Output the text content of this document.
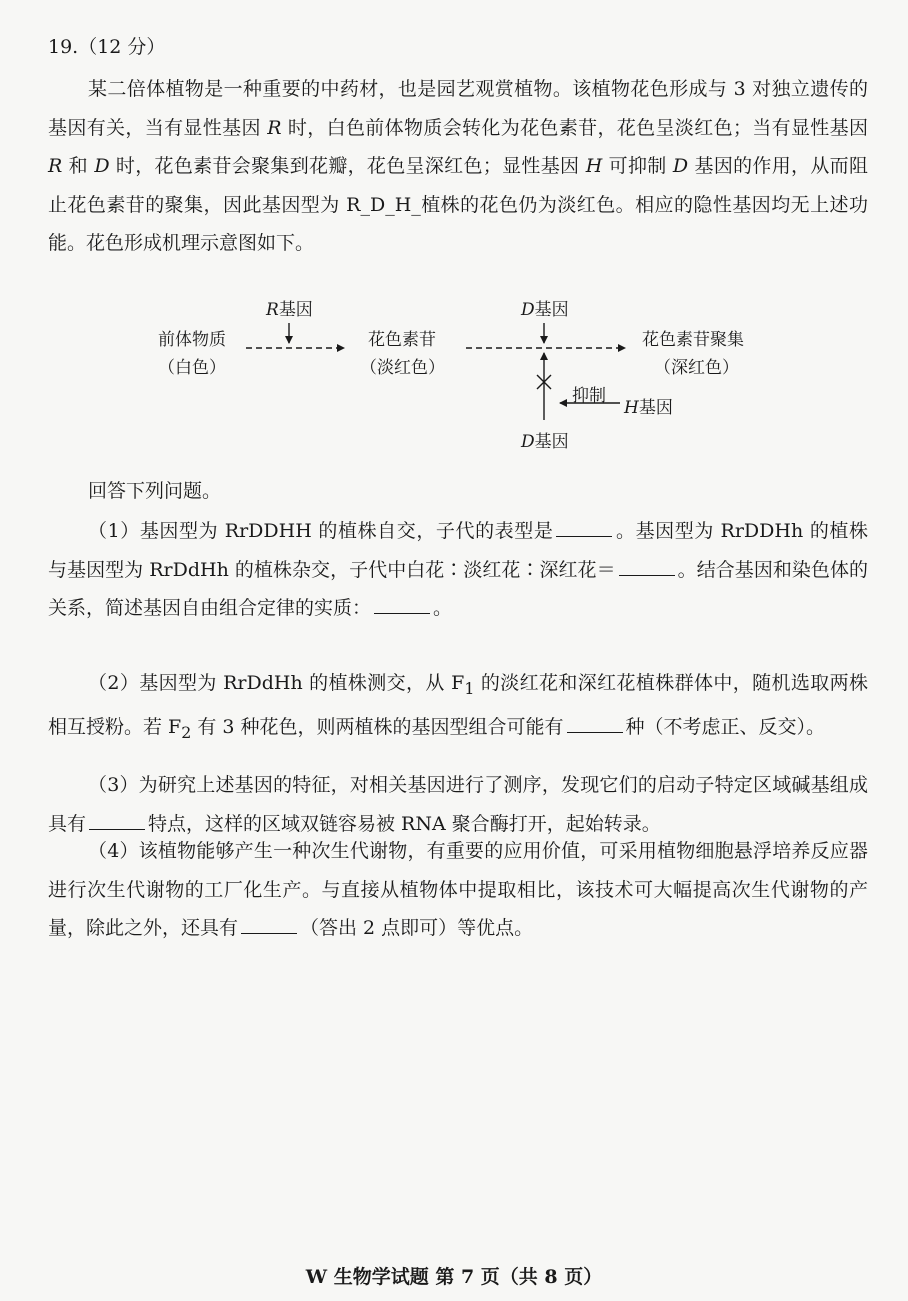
19.（12 分）

某二倍体植物是一种重要的中药材，也是园艺观赏植物。该植物花色形成与 3 对独立遗传的基因有关，当有显性基因 R 时，白色前体物质会转化为花色素苷，花色呈淡红色；当有显性基因 R 和 D 时，花色素苷会聚集到花瓣，花色呈深红色；显性基因 H 可抑制 D 基因的作用，从而阻止花色素苷的聚集，因此基因型为 R_D_H_植株的花色仍为淡红色。相应的隐性基因均无上述功能。花色形成机理示意图如下。

前体物质
（白色）
R基因
花色素苷
（淡红色）
D基因
花色素苷聚集
（深红色）
抑制
H基因
D基因

回答下列问题。

（1）基因型为 RrDDHH 的植株自交，子代的表型是	。基因型为 RrDDHh 的植株与基因型为 RrDdHh 的植株杂交，子代中白花∶淡红花∶深红花＝	。结合基因和染色体的关系，简述基因自由组合定律的实质：	。

（2）基因型为 RrDdHh 的植株测交，从 $F_1$ 的淡红花和深红花植株群体中，随机选取两株相互授粉。若 $F_2$ 有 3 种花色，则两植株的基因型组合可能有	种（不考虑正、反交）。

（3）为研究上述基因的特征，对相关基因进行了测序，发现它们的启动子特定区域碱基组成具有	特点，这样的区域双链容易被 RNA 聚合酶打开，起始转录。

（4）该植物能够产生一种次生代谢物，有重要的应用价值，可采用植物细胞悬浮培养反应器进行次生代谢物的工厂化生产。与直接从植物体中提取相比，该技术可大幅提高次生代谢物的产量，除此之外，还具有	（答出 2 点即可）等优点。

W 生物学试题 第 7 页（共 8 页）
